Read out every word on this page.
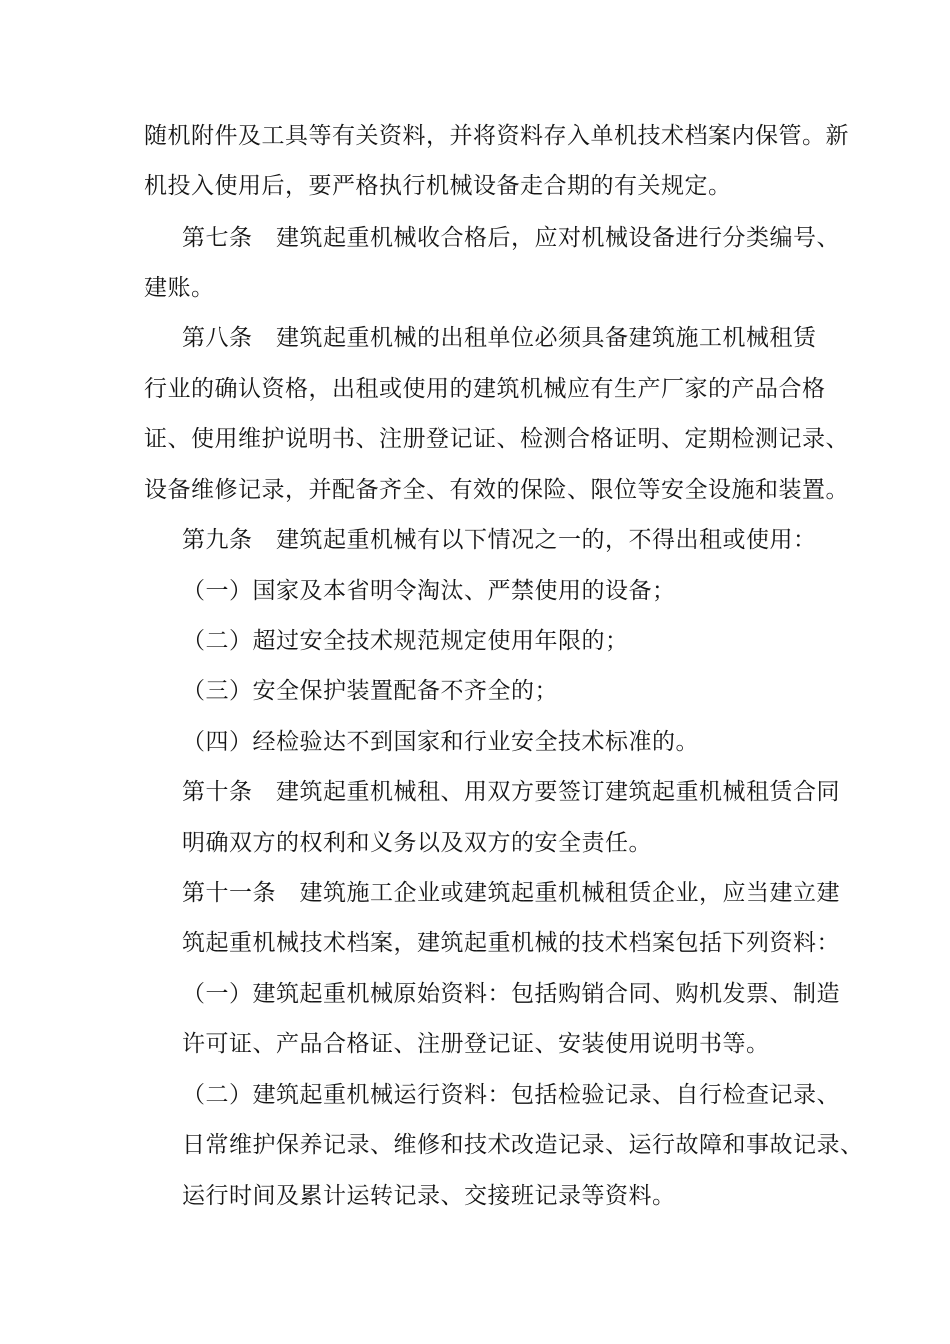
随机附件及工具等有关资料，并将资料存入单机技术档案内保管。新
机投入使用后，要严格执行机械设备走合期的有关规定。
第七条　建筑起重机械收合格后，应对机械设备进行分类编号、
建账。
第八条　建筑起重机械的出租单位必须具备建筑施工机械租赁
行业的确认资格，出租或使用的建筑机械应有生产厂家的产品合格
证、使用维护说明书、注册登记证、检测合格证明、定期检测记录、
设备维修记录，并配备齐全、有效的保险、限位等安全设施和装置。
第九条　建筑起重机械有以下情况之一的，不得出租或使用：
（一）国家及本省明令淘汰、严禁使用的设备；
（二）超过安全技术规范规定使用年限的；
（三）安全保护装置配备不齐全的；
（四）经检验达不到国家和行业安全技术标准的。
第十条　建筑起重机械租、用双方要签订建筑起重机械租赁合同
明确双方的权利和义务以及双方的安全责任。
第十一条　建筑施工企业或建筑起重机械租赁企业，应当建立建
筑起重机械技术档案，建筑起重机械的技术档案包括下列资料：
（一）建筑起重机械原始资料：包括购销合同、购机发票、制造
许可证、产品合格证、注册登记证、安装使用说明书等。
（二）建筑起重机械运行资料：包括检验记录、自行检查记录、
日常维护保养记录、维修和技术改造记录、运行故障和事故记录、
运行时间及累计运转记录、交接班记录等资料。
